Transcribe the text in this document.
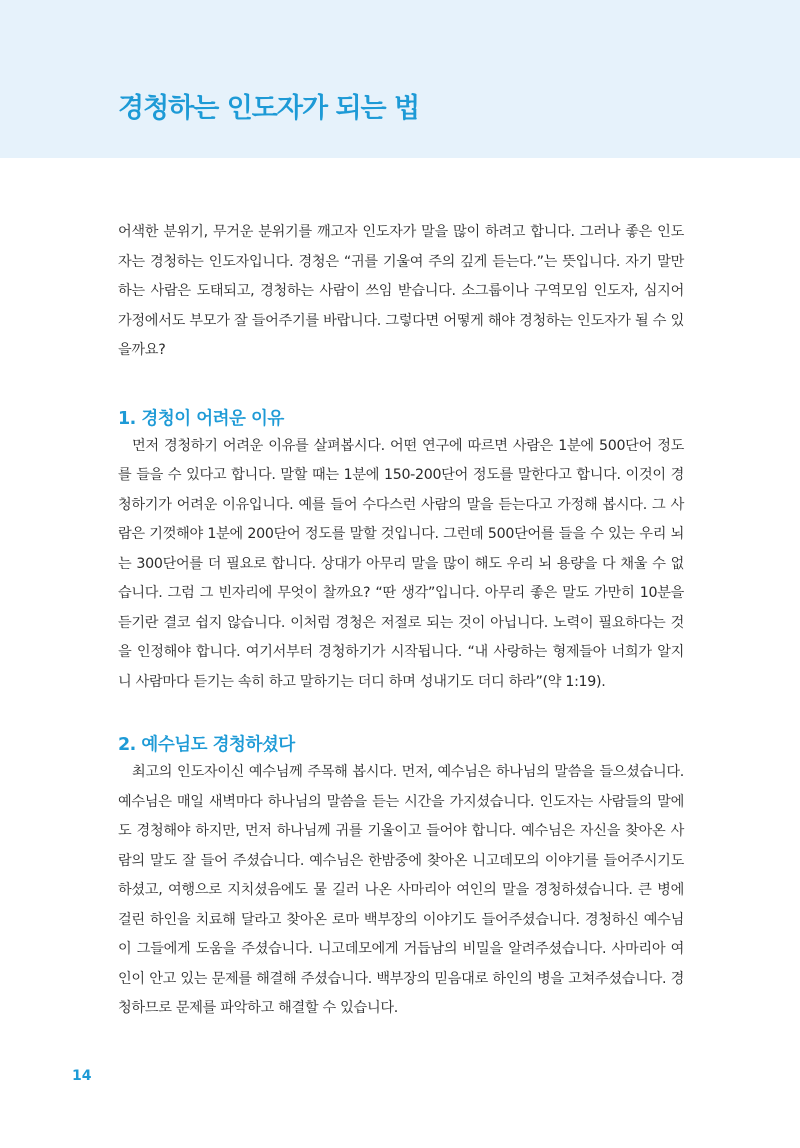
경청하는 인도자가 되는 법

어색한 분위기, 무거운 분위기를 깨고자 인도자가 말을 많이 하려고 합니다. 그러나 좋은 인도자는 경청하는 인도자입니다. 경청은 “귀를 기울여 주의 깊게 듣는다.”는 뜻입니다. 자기 말만 하는 사람은 도태되고, 경청하는 사람이 쓰임 받습니다. 소그룹이나 구역모임 인도자, 심지어 가정에서도 부모가 잘 들어주기를 바랍니다. 그렇다면 어떻게 해야 경청하는 인도자가 될 수 있을까요?

1. 경청이 어려운 이유

먼저 경청하기 어려운 이유를 살펴봅시다. 어떤 연구에 따르면 사람은 1분에 500단어 정도를 들을 수 있다고 합니다. 말할 때는 1분에 150-200단어 정도를 말한다고 합니다. 이것이 경청하기가 어려운 이유입니다. 예를 들어 수다스런 사람의 말을 듣는다고 가정해 봅시다. 그 사람은 기껏해야 1분에 200단어 정도를 말할 것입니다. 그런데 500단어를 들을 수 있는 우리 뇌는 300단어를 더 필요로 합니다. 상대가 아무리 말을 많이 해도 우리 뇌 용량을 다 채울 수 없습니다. 그럼 그 빈자리에 무엇이 찰까요? “딴 생각”입니다. 아무리 좋은 말도 가만히 10분을 듣기란 결코 쉽지 않습니다. 이처럼 경청은 저절로 되는 것이 아닙니다. 노력이 필요하다는 것을 인정해야 합니다. 여기서부터 경청하기가 시작됩니다. “내 사랑하는 형제들아 너희가 알지니 사람마다 듣기는 속히 하고 말하기는 더디 하며 성내기도 더디 하라”(약 1:19).

2. 예수님도 경청하셨다

최고의 인도자이신 예수님께 주목해 봅시다. 먼저, 예수님은 하나님의 말씀을 들으셨습니다. 예수님은 매일 새벽마다 하나님의 말씀을 듣는 시간을 가지셨습니다. 인도자는 사람들의 말에도 경청해야 하지만, 먼저 하나님께 귀를 기울이고 들어야 합니다. 예수님은 자신을 찾아온 사람의 말도 잘 들어 주셨습니다. 예수님은 한밤중에 찾아온 니고데모의 이야기를 들어주시기도 하셨고, 여행으로 지치셨음에도 물 길러 나온 사마리아 여인의 말을 경청하셨습니다. 큰 병에 걸린 하인을 치료해 달라고 찾아온 로마 백부장의 이야기도 들어주셨습니다. 경청하신 예수님이 그들에게 도움을 주셨습니다. 니고데모에게 거듭남의 비밀을 알려주셨습니다. 사마리아 여인이 안고 있는 문제를 해결해 주셨습니다. 백부장의 믿음대로 하인의 병을 고쳐주셨습니다. 경청하므로 문제를 파악하고 해결할 수 있습니다.

14
